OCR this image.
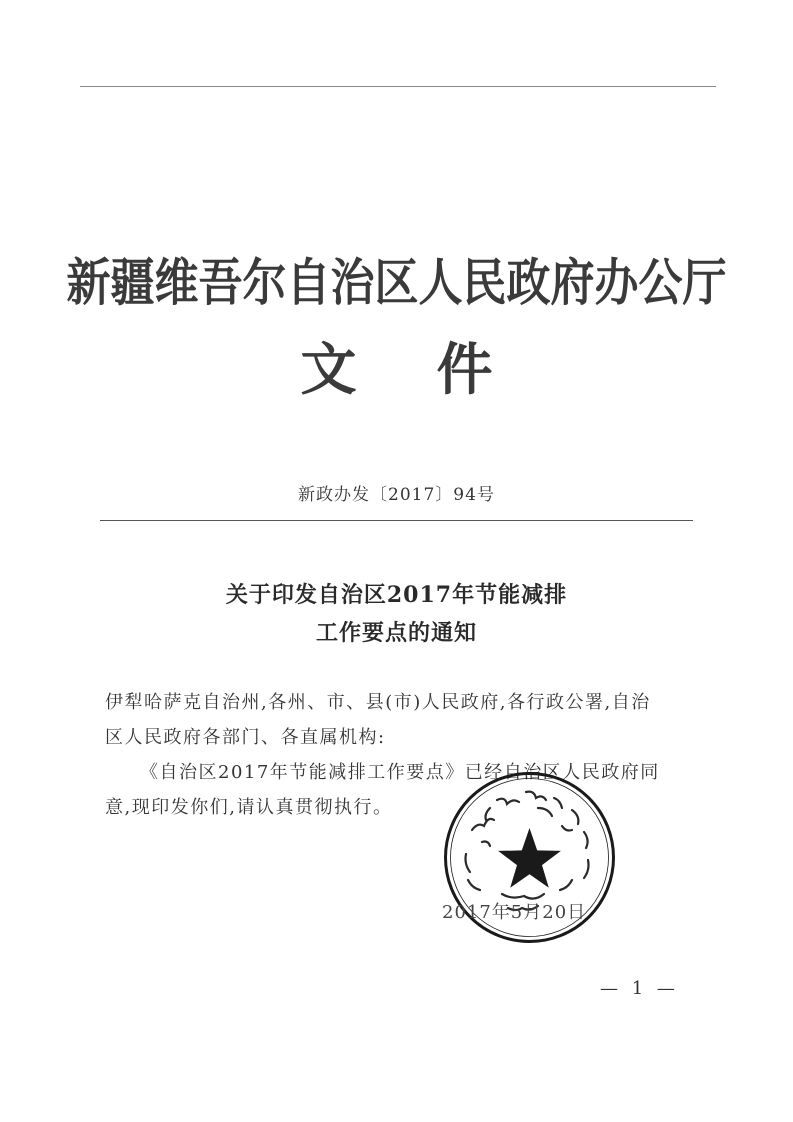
新疆维吾尔自治区人民政府办公厅
文件
新政办发〔2017〕94号
关于印发自治区2017年节能减排
工作要点的通知
伊犁哈萨克自治州,各州、市、县(市)人民政府,各行政公署,自治
区人民政府各部门、各直属机构:
《自治区2017年节能减排工作要点》已经自治区人民政府同
意,现印发你们,请认真贯彻执行。
2017年5月20日
— 1 —
